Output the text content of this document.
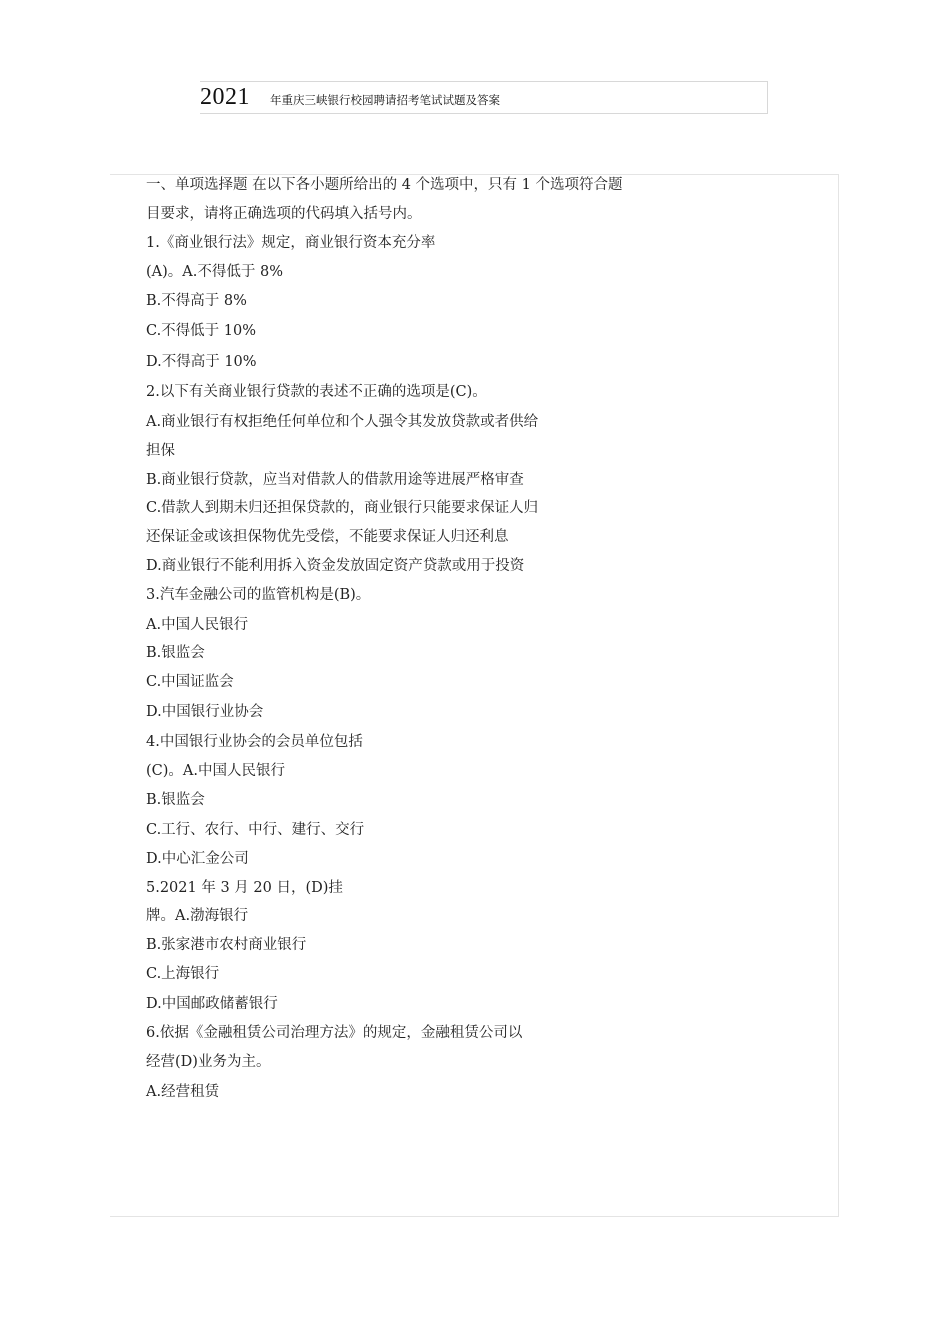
2021 年重庆三峡银行校园聘请招考笔试试题及答案
一、单项选择题 在以下各小题所给出的 4 个选项中，只有 1 个选项符合题
目要求，请将正确选项的代码填入括号内。
1.《商业银行法》规定，商业银行资本充分率
(A)。A.不得低于 8%
B.不得高于 8%
C.不得低于 10%
D.不得高于 10%
2.以下有关商业银行贷款的表述不正确的选项是(C)。
A.商业银行有权拒绝任何单位和个人强令其发放贷款或者供给
担保
B.商业银行贷款，应当对借款人的借款用途等进展严格审查
C.借款人到期未归还担保贷款的，商业银行只能要求保证人归
还保证金或该担保物优先受偿，不能要求保证人归还利息
D.商业银行不能利用拆入资金发放固定资产贷款或用于投资
3.汽车金融公司的监管机构是(B)。
A.中国人民银行
B.银监会
C.中国证监会
D.中国银行业协会
4.中国银行业协会的会员单位包括
(C)。A.中国人民银行
B.银监会
C.工行、农行、中行、建行、交行
D.中心汇金公司
5.2021 年 3 月 20 日，(D)挂
牌。A.渤海银行
B.张家港市农村商业银行
C.上海银行
D.中国邮政储蓄银行
6.依据《金融租赁公司治理方法》的规定，金融租赁公司以
经营(D)业务为主。
A.经营租赁
